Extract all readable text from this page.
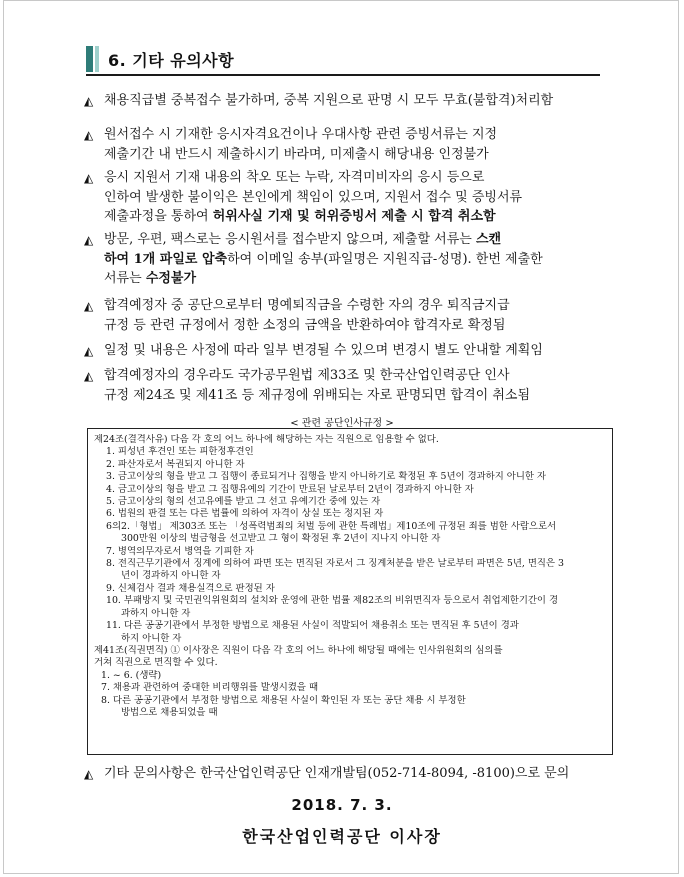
6. 기타 유의사항
◭ 채용직급별 중복접수 불가하며, 중복 지원으로 판명 시 모두 무효(불합격)처리함
◭ 원서접수 시 기재한 응시자격요건이나 우대사항 관련 증빙서류는 지정
제출기간 내 반드시 제출하시기 바라며, 미제출시 해당내용 인정불가
◭ 응시 지원서 기재 내용의 착오 또는 누락, 자격미비자의 응시 등으로
인하여 발생한 불이익은 본인에게 책임이 있으며, 지원서 접수 및 증빙서류
제출과정을 통하여 허위사실 기재 및 허위증빙서 제출 시 합격 취소함
◭ 방문, 우편, 팩스로는 응시원서를 접수받지 않으며, 제출할 서류는 스캔
하여 1개 파일로 압축하여 이메일 송부(파일명은 지원직급-성명). 한번 제출한
서류는 수정불가
◭ 합격예정자 중 공단으로부터 명예퇴직금을 수령한 자의 경우 퇴직금지급
규정 등 관련 규정에서 정한 소정의 금액을 반환하여야 합격자로 확정됨
◭ 일정 및 내용은 사정에 따라 일부 변경될 수 있으며 변경시 별도 안내할 계획임
◭ 합격예정자의 경우라도 국가공무원법 제33조 및 한국산업인력공단 인사
규정 제24조 및 제41조 등 제규정에 위배되는 자로 판명되면 합격이 취소됨
< 관련 공단인사규정 >
제24조(결격사유) 다음 각 호의 어느 하나에 해당하는 자는 직원으로 임용할 수 없다.
1. 피성년 후견인 또는 피한정후견인
2. 파산자로서 복권되지 아니한 자
3. 금고이상의 형을 받고 그 집행이 종료되거나 집행을 받지 아니하기로 확정된 후 5년이 경과하지 아니한 자
4. 금고이상의 형을 받고 그 집행유예의 기간이 만료된 날로부터 2년이 경과하지 아니한 자
5. 금고이상의 형의 선고유예를 받고 그 선고 유예기간 중에 있는 자
6. 법원의 판결 또는 다른 법률에 의하여 자격이 상실 또는 정지된 자
6의2.「형법」 제303조 또는 「성폭력범죄의 처벌 등에 관한 특례법」제10조에 규정된 죄를 범한 사람으로서
300만원 이상의 벌금형을 선고받고 그 형이 확정된 후 2년이 지나지 아니한 자
7. 병역의무자로서 병역을 기피한 자
8. 전직근무기관에서 징계에 의하여 파면 또는 면직된 자로서 그 징계처분을 받은 날로부터 파면은 5년, 면직은 3
년이 경과하지 아니한 자
9. 신체검사 결과 채용실격으로 판정된 자
10. 부패방지 및 국민권익위원회의 설치와 운영에 관한 법률 제82조의 비위면직자 등으로서 취업제한기간이 경
과하지 아니한 자
11. 다른 공공기관에서 부정한 방법으로 채용된 사실이 적발되어 채용취소 또는 면직된 후 5년이 경과
하지 아니한 자
제41조(직권면직) ① 이사장은 직원이 다음 각 호의 어느 하나에 해당될 때에는 인사위원회의 심의를
거쳐 직권으로 면직할 수 있다.
1. ~ 6. (생략)
7. 채용과 관련하여 중대한 비리행위를 발생시켰을 때
8. 다른 공공기관에서 부정한 방법으로 채용된 사실이 확인된 자 또는 공단 채용 시 부정한
방법으로 채용되었을 때
◭ 기타 문의사항은 한국산업인력공단 인재개발팀(052-714-8094, -8100)으로 문의
2018. 7. 3.
한국산업인력공단 이사장
